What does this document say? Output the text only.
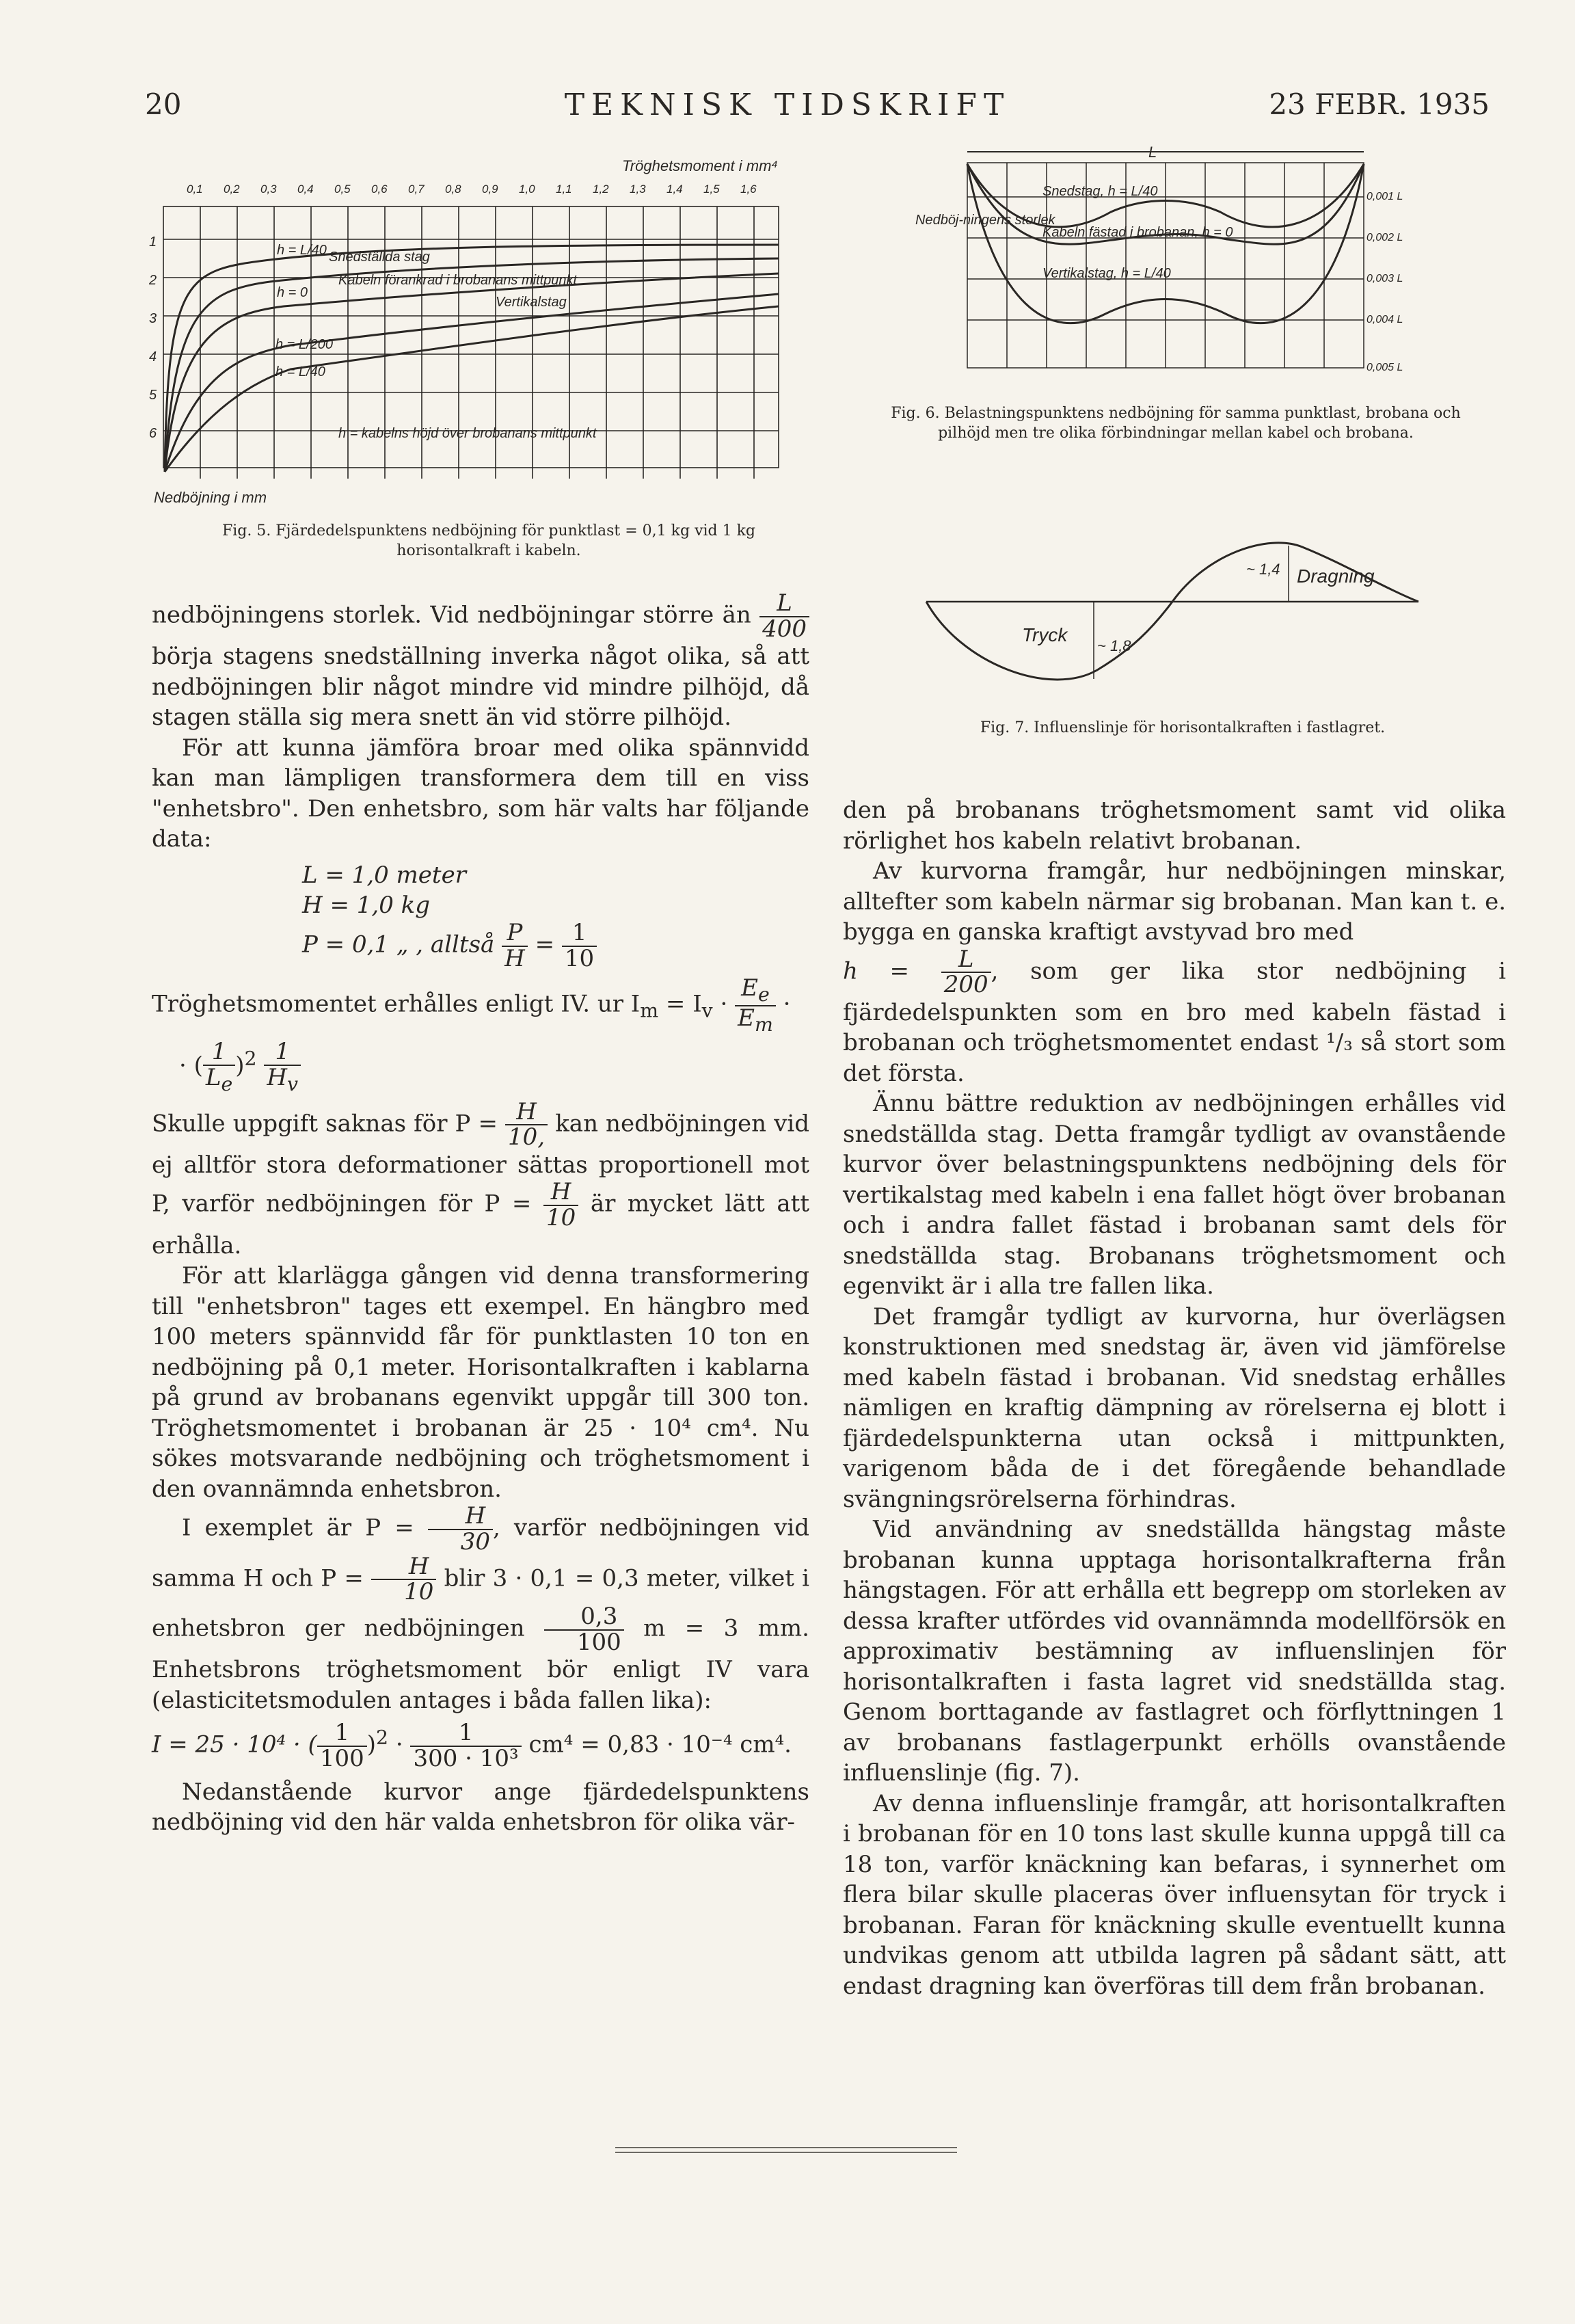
20	TEKNISK TIDSKRIFT	23 FEBR. 1935
Tröghetsmoment i mm⁴
0,1 0,2 0,3 0,4 0,5 0,6 0,7 0,8 0,9 1,0 1,1 1,2 1,3 1,4 1,5 1,6
1
2
3
4
5
6
Snedställda stag
Kabeln förankrad i brobanans mittpunkt
Vertikalstag
h = kabelns höjd över brobanans mittpunkt
h = L/40
h = 0
h = L/200
h = L/40
Nedböjning i mm
Fig. 5. Fjärdedelspunktens nedböjning för punktlast = 0,1 kg vid 1 kg horisontalkraft i kabeln.
L
Nedböj-ningens storlek
Snedstag, h = L/40
Kabeln fästad i brobanan, h = 0
Vertikalstag, h = L/40
0,001 L
0,002 L
0,003 L
0,004 L
0,005 L
Fig. 6. Belastningspunktens nedböjning för samma punktlast, brobana och pilhöjd men tre olika förbindningar mellan kabel och brobana.
Dragning
Tryck
~ 1,4
~ 1,8
Fig. 7. Influenslinje för horisontalkraften i fastlagret.

nedböjningens storlek. Vid nedböjningar större än $\frac{L}{400}$
börja stagens snedställning inverka något olika, så att nedböjningen blir något mindre vid mindre pilhöjd, då stagen ställa sig mera snett än vid större pilhöjd.

För att kunna jämföra broar med olika spännvidd kan man lämpligen transformera dem till en viss "enhetsbro". Den enhetsbro, som här valts har följande data:

L = 1,0 meter
H = 1,0 kg
P = 0,1 „ , alltså $\frac{P}{H} = \frac{1}{10}$

Tröghetsmomentet erhålles enligt IV. ur $I_m = I_v \cdot \frac{E_e}{E_m}$ ·

· ( $\frac{1}{L_e} )^2 \frac{1}{H_v}$

Skulle uppgift saknas för $P = \frac{H}{10,}$ kan nedböjningen vid ej alltför stora deformationer sättas proportionell mot P, varför nedböjningen för $P = \frac{H}{10}$ är mycket lätt att erhålla.

För att klarlägga gången vid denna transformering till "enhetsbron" tages ett exempel. En hängbro med 100 meters spännvidd får för punktlasten 10 ton en nedböjning på 0,1 meter. Horisontalkraften i kablarna på grund av brobanans egenvikt uppgår till 300 ton. Tröghetsmomentet i brobanan är 25 · 10⁴ cm⁴. Nu sökes motsvarande nedböjning och tröghetsmoment i den ovannämnda enhetsbron.

I exemplet är $P = \frac{H}{30}$ , varför nedböjningen vid samma H och $P = \frac{H}{10}$ blir 3 · 0,1 = 0,3 meter, vilket i enhetsbron ger nedböjningen $\frac{0,3}{100}$ m = 3 mm. Enhetsbrons tröghetsmoment bör enligt IV vara (elasticitetsmodulen antages i båda fallen lika):

I = 25 · 10⁴ · ( $\frac{1}{100} )^2 \cdot \frac{1}{\text{300 · 10³}} cm^4 = 0,83 \cdot 10^{-4}$ cm⁴.

Nedanstående kurvor ange fjärdedelspunktens nedböjning vid den här valda enhetsbron för olika vär-

den på brobanans tröghetsmoment samt vid olika rörlighet hos kabeln relativt brobanan.

Av kurvorna framgår, hur nedböjningen minskar, alltefter som kabeln närmar sig brobanan. Man kan t. e. bygga en ganska kraftigt avstyvad bro med

$h = \frac{L}{200}$ , som ger lika stor nedböjning i fjärdedelspunkten som en bro med kabeln fästad i brobanan och tröghetsmomentet endast ¹/₃ så stort som det första.

Ännu bättre reduktion av nedböjningen erhålles vid snedställda stag. Detta framgår tydligt av ovanstående kurvor över belastningspunktens nedböjning dels för vertikalstag med kabeln i ena fallet högt över brobanan och i andra fallet fästad i brobanan samt dels för snedställda stag. Brobanans tröghetsmoment och egenvikt är i alla tre fallen lika.

Det framgår tydligt av kurvorna, hur överlägsen konstruktionen med snedstag är, även vid jämförelse med kabeln fästad i brobanan. Vid snedstag erhålles nämligen en kraftig dämpning av rörelserna ej blott i fjärdedelspunkterna utan också i mittpunkten, varigenom båda de i det föregående behandlade svängningsrörelserna förhindras.

Vid användning av snedställda hängstag måste brobanan kunna upptaga horisontalkrafterna från hängstagen. För att erhålla ett begrepp om storleken av dessa krafter utfördes vid ovannämnda modellförsök en approximativ bestämning av influenslinjen för horisontalkraften i fasta lagret vid snedställda stag. Genom borttagande av fastlagret och förflyttningen 1 av brobanans fastlagerpunkt erhölls ovanstående influenslinje (fig. 7).

Av denna influenslinje framgår, att horisontalkraften i brobanan för en 10 tons last skulle kunna uppgå till ca 18 ton, varför knäckning kan befaras, i synnerhet om flera bilar skulle placeras över influensytan för tryck i brobanan. Faran för knäckning skulle eventuellt kunna undvikas genom att utbilda lagren på sådant sätt, att endast dragning kan överföras till dem från brobanan.
